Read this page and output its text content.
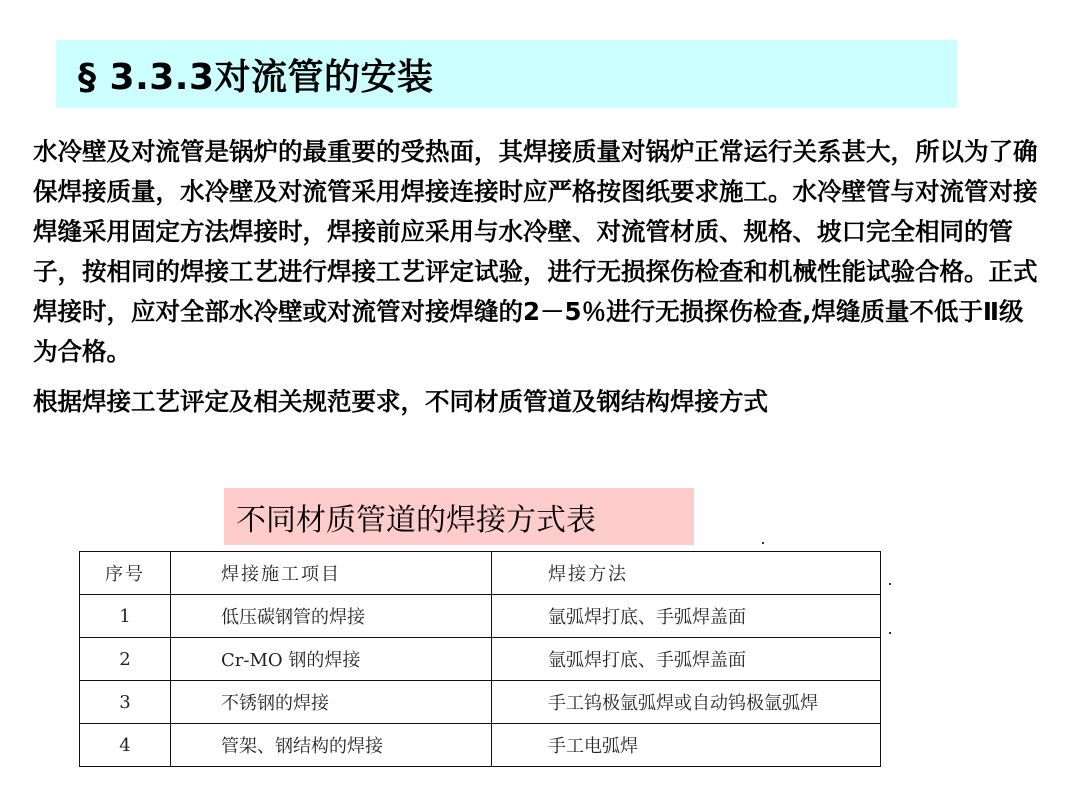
§ 3.3.3对流管的安装

水冷壁及对流管是锅炉的最重要的受热面，其焊接质量对锅炉正常运行关系甚大，所以为了确保焊接质量，水冷壁及对流管采用焊接连接时应严格按图纸要求施工。水冷壁管与对流管对接焊缝采用固定方法焊接时，焊接前应采用与水冷壁、对流管材质、规格、坡口完全相同的管子，按相同的焊接工艺进行焊接工艺评定试验，进行无损探伤检查和机械性能试验合格。正式焊接时，应对全部水冷壁或对流管对接焊缝的2－5％进行无损探伤检查,焊缝质量不低于Ⅱ级为合格。

根据焊接工艺评定及相关规范要求，不同材质管道及钢结构焊接方式

不同材质管道的焊接方式表
序号	焊接施工项目	焊接方法
1	低压碳钢管的焊接	氩弧焊打底、手弧焊盖面
2	Cr-MO 钢的焊接	氩弧焊打底、手弧焊盖面
3	不锈钢的焊接	手工钨极氩弧焊或自动钨极氩弧焊
4	管架、钢结构的焊接	手工电弧焊
